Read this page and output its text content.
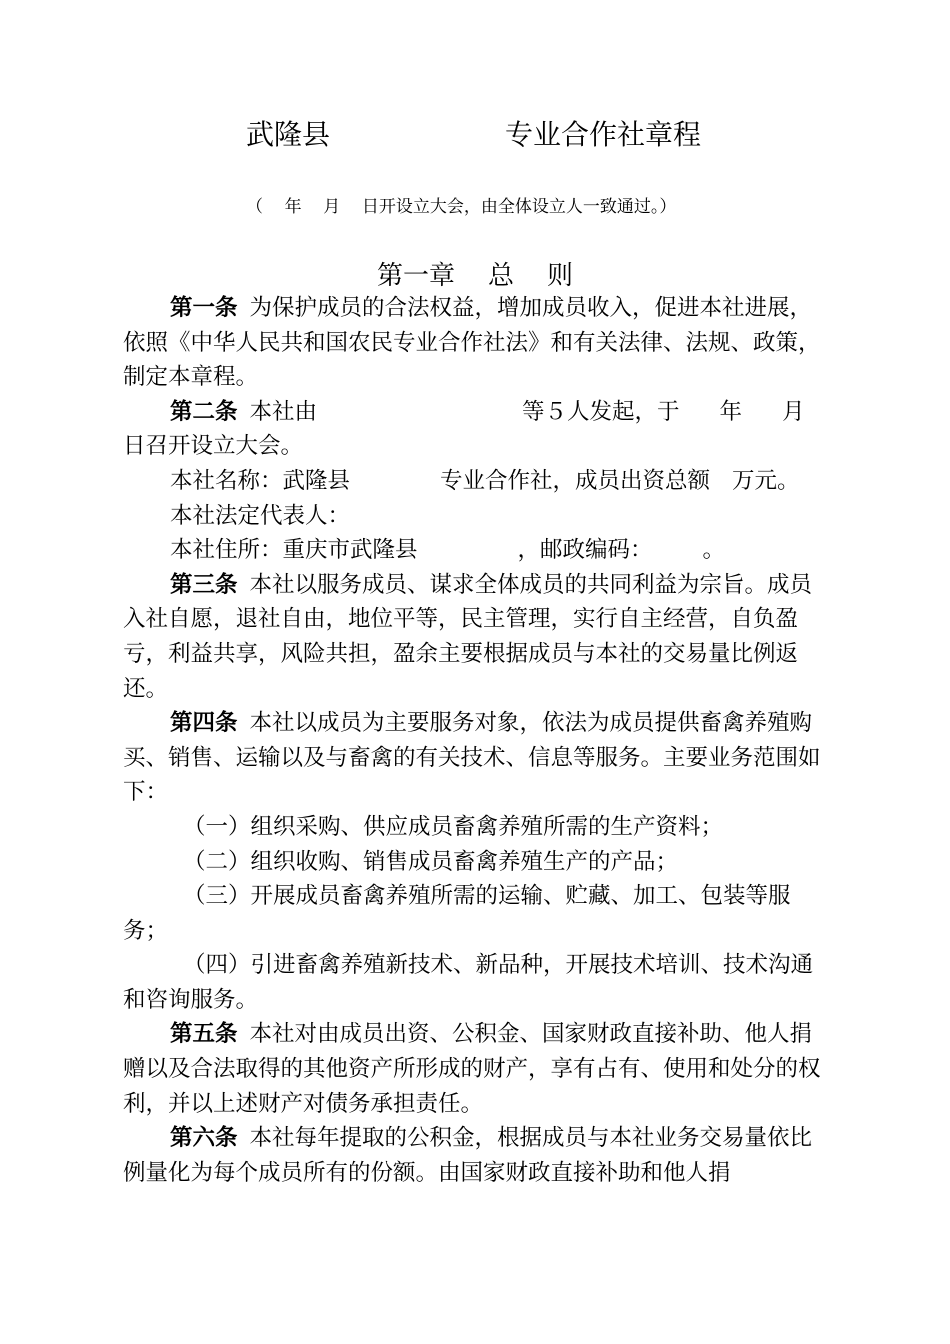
武隆县	专业合作社章程
（    年    月    日开设立大会，由全体设立人一致通过。）
第一章    总    则

第一条 为保护成员的合法权益，增加成员收入，促进本社进展，依照《中华人民共和国农民专业合作社法》和有关法律、法规、政策，制定本章程。

第二条 本社由	等５人发起，于 年 月日召开设立大会。

本社名称：武隆县	专业合作社，成员出资总额 万元。

本社法定代表人：

本社住所：重庆市武隆县	，邮政编码： 。

第三条 本社以服务成员、谋求全体成员的共同利益为宗旨。成员入社自愿，退社自由，地位平等，民主管理，实行自主经营，自负盈亏，利益共享，风险共担，盈余主要根据成员与本社的交易量比例返还。

第四条 本社以成员为主要服务对象，依法为成员提供畜禽养殖购买、销售、运输以及与畜禽的有关技术、信息等服务。主要业务范围如下：

（一）组织采购、供应成员畜禽养殖所需的生产资料；

（二）组织收购、销售成员畜禽养殖生产的产品；

（三）开展成员畜禽养殖所需的运输、贮藏、加工、包装等服务；

（四）引进畜禽养殖新技术、新品种，开展技术培训、技术沟通和咨询服务。

第五条 本社对由成员出资、公积金、国家财政直接补助、他人捐赠以及合法取得的其他资产所形成的财产，享有占有、使用和处分的权利，并以上述财产对债务承担责任。

第六条 本社每年提取的公积金，根据成员与本社业务交易量依比例量化为每个成员所有的份额。由国家财政直接补助和他人捐
